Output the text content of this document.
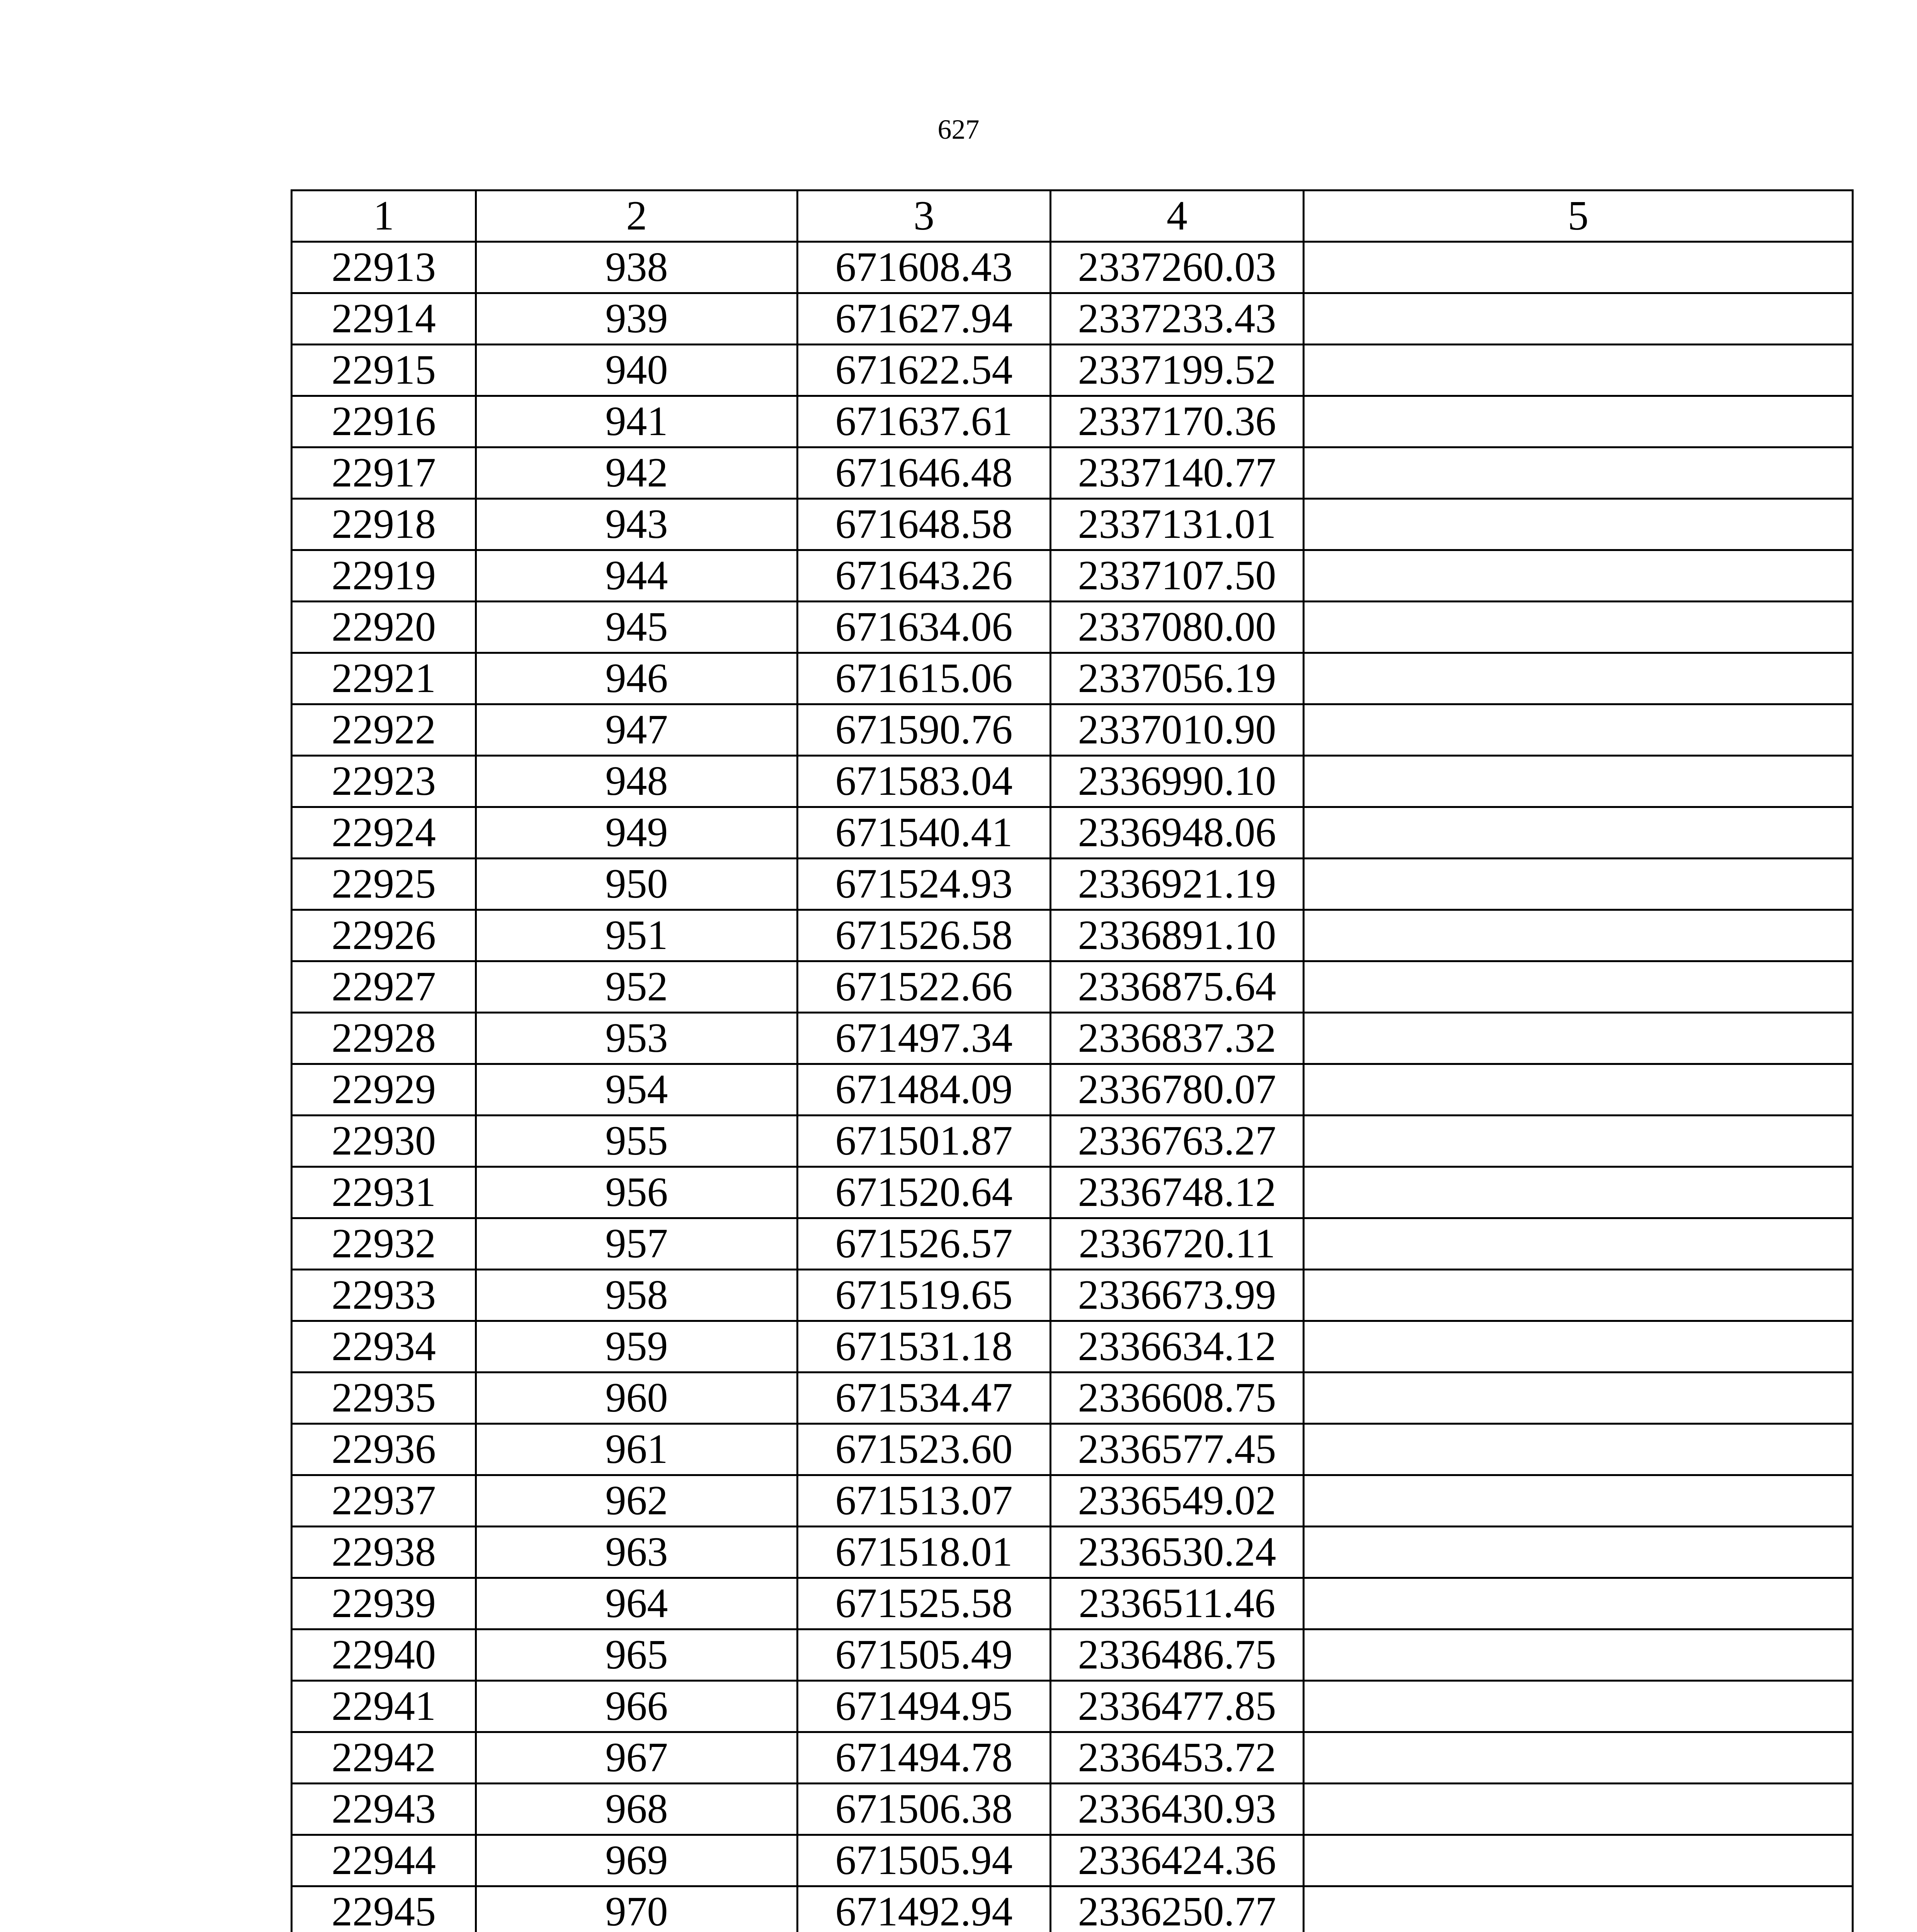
627
1	2	3	4	5
22913	938	671608.43	2337260.03	
22914	939	671627.94	2337233.43	
22915	940	671622.54	2337199.52	
22916	941	671637.61	2337170.36	
22917	942	671646.48	2337140.77	
22918	943	671648.58	2337131.01	
22919	944	671643.26	2337107.50	
22920	945	671634.06	2337080.00	
22921	946	671615.06	2337056.19	
22922	947	671590.76	2337010.90	
22923	948	671583.04	2336990.10	
22924	949	671540.41	2336948.06	
22925	950	671524.93	2336921.19	
22926	951	671526.58	2336891.10	
22927	952	671522.66	2336875.64	
22928	953	671497.34	2336837.32	
22929	954	671484.09	2336780.07	
22930	955	671501.87	2336763.27	
22931	956	671520.64	2336748.12	
22932	957	671526.57	2336720.11	
22933	958	671519.65	2336673.99	
22934	959	671531.18	2336634.12	
22935	960	671534.47	2336608.75	
22936	961	671523.60	2336577.45	
22937	962	671513.07	2336549.02	
22938	963	671518.01	2336530.24	
22939	964	671525.58	2336511.46	
22940	965	671505.49	2336486.75	
22941	966	671494.95	2336477.85	
22942	967	671494.78	2336453.72	
22943	968	671506.38	2336430.93	
22944	969	671505.94	2336424.36	
22945	970	671492.94	2336250.77	
